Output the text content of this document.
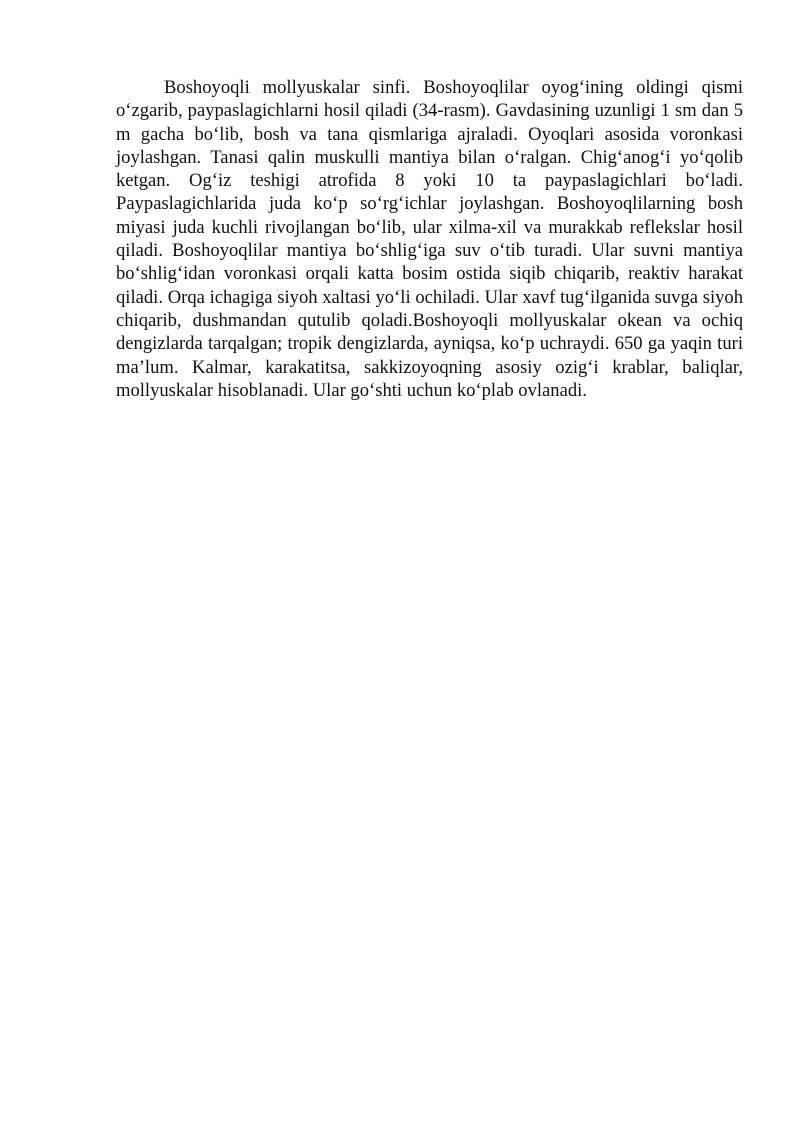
Boshoyoqli mollyuskalar sinfi. Boshoyoqlilar oyog‘ining oldingi qismi o‘zgarib, paypaslagichlarni hosil qiladi (34-rasm). Gavdasining uzunligi 1 sm dan 5 m gacha bo‘lib, bosh va tana qismlariga ajraladi. Oyoqlari asosida voronkasi joylashgan. Tanasi qalin muskulli mantiya bilan o‘ralgan. Chig‘anog‘i yo‘qolib ketgan. Og‘iz teshigi atrofida 8 yoki 10 ta paypaslagichlari bo‘ladi. Paypaslagichlarida juda ko‘p so‘rg‘ichlar joylashgan. Boshoyoqlilarning bosh miyasi juda kuchli rivojlangan bo‘lib, ular xilma-xil va murakkab reflekslar hosil qiladi. Boshoyoqlilar mantiya bo‘shlig‘iga suv o‘tib turadi. Ular suvni mantiya bo‘shlig‘idan voronkasi orqali katta bosim ostida siqib chiqarib, reaktiv harakat qiladi. Orqa ichagiga siyoh xaltasi yo‘li ochiladi. Ular xavf tug‘ilganida suvga siyoh chiqarib, dushmandan qutulib qoladi.Boshoyoqli mollyuskalar okean va ochiq dengizlarda tarqalgan; tropik dengizlarda, ayniqsa, ko‘p uchraydi. 650 ga yaqin turi ma’lum. Kalmar, karakatitsa, sakkizoyoqning asosiy ozig‘i krablar, baliqlar, mollyuskalar hisoblanadi. Ular go‘shti uchun ko‘plab ovlanadi.
